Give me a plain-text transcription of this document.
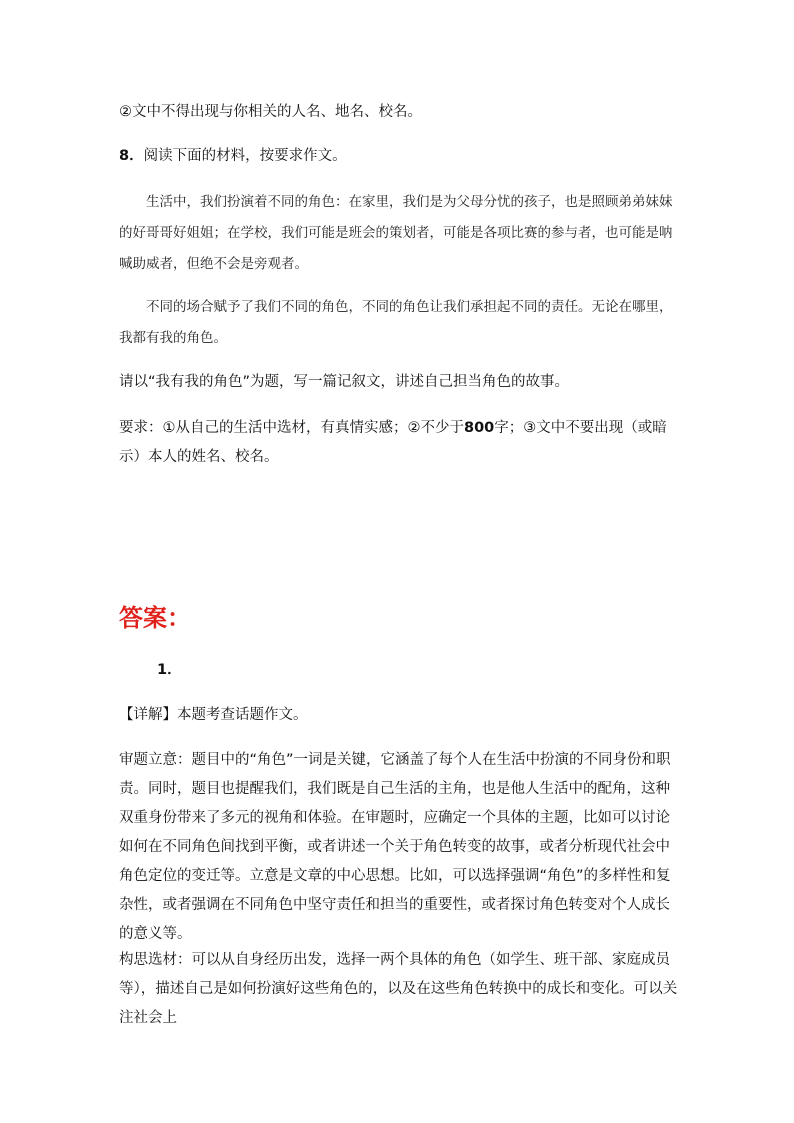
②文中不得出现与你相关的人名、地名、校名。

8．阅读下面的材料，按要求作文。

生活中，我们扮演着不同的角色：在家里，我们是为父母分忧的孩子，也是照顾弟弟妹妹的好哥哥好姐姐；在学校，我们可能是班会的策划者，可能是各项比赛的参与者，也可能是呐喊助威者，但绝不会是旁观者。

不同的场合赋予了我们不同的角色，不同的角色让我们承担起不同的责任。无论在哪里，我都有我的角色。

请以“我有我的角色”为题，写一篇记叙文，讲述自己担当角色的故事。

要求：①从自己的生活中选材，有真情实感；②不少于800字；③文中不要出现（或暗示）本人的姓名、校名。

答案：
1．

【详解】本题考查话题作文。

审题立意：题目中的“角色”一词是关键，它涵盖了每个人在生活中扮演的不同身份和职责。同时，题目也提醒我们，我们既是自己生活的主角，也是他人生活中的配角，这种双重身份带来了多元的视角和体验。在审题时，应确定一个具体的主题，比如可以讨论如何在不同角色间找到平衡，或者讲述一个关于角色转变的故事，或者分析现代社会中角色定位的变迁等。立意是文章的中心思想。比如，可以选择强调“角色”的多样性和复杂性，或者强调在不同角色中坚守责任和担当的重要性，或者探讨角色转变对个人成长的意义等。

构思选材：可以从自身经历出发，选择一两个具体的角色（如学生、班干部、家庭成员等），描述自己是如何扮演好这些角色的，以及在这些角色转换中的成长和变化。可以关注社会上
